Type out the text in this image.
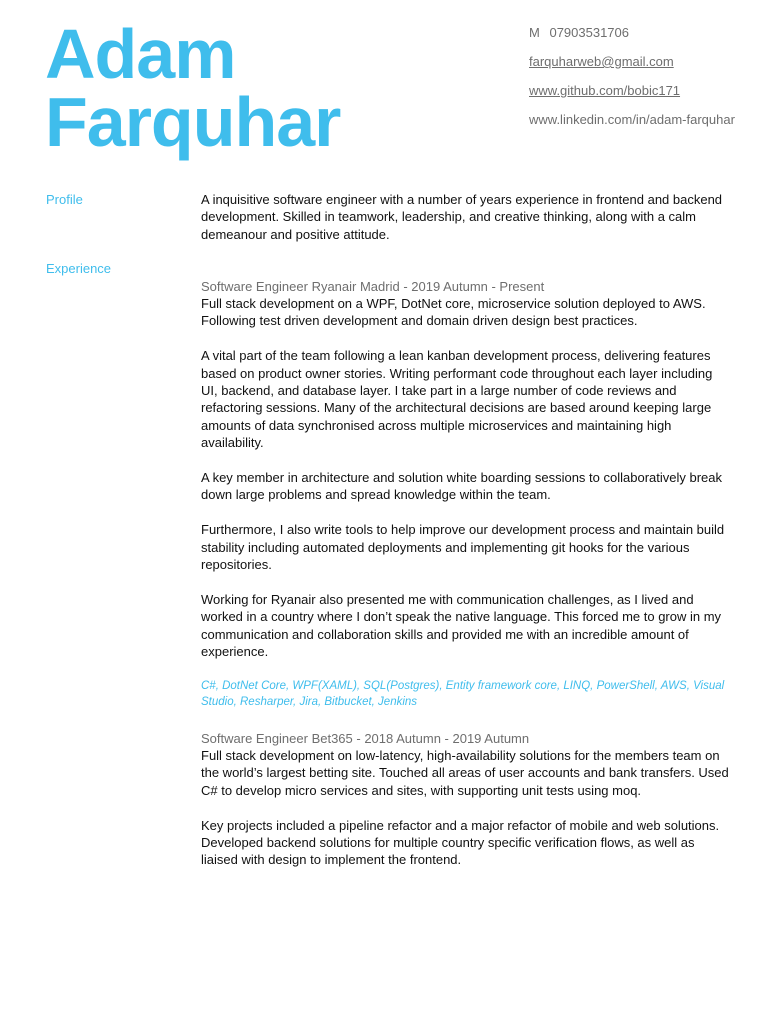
Adam
Farquhar
M 07903531706
farquharweb@gmail.com
www.github.com/bobic171
www.linkedin.com/in/adam-farquhar
Profile	A inquisitive software engineer with a number of years experience in frontend and backend development. Skilled in teamwork, leadership, and creative thinking, along with a calm demeanour and positive attitude.

Experience
Software Engineer Ryanair Madrid - 2019 Autumn - Present

Full stack development on a WPF, DotNet core, microservice solution deployed to AWS. Following test driven development and domain driven design best practices.

A vital part of the team following a lean kanban development process, delivering features based on product owner stories. Writing performant code throughout each layer including UI, backend, and database layer. I take part in a large number of code reviews and refactoring sessions. Many of the architectural decisions are based around keeping large amounts of data synchronised across multiple microservices and maintaining high availability.

A key member in architecture and solution white boarding sessions to collaboratively break down large problems and spread knowledge within the team.

Furthermore, I also write tools to help improve our development process and maintain build stability including automated deployments and implementing git hooks for the various repositories.

Working for Ryanair also presented me with communication challenges, as I lived and worked in a country where I don’t speak the native language. This forced me to grow in my communication and collaboration skills and provided me with an incredible amount of experience.

C#, DotNet Core, WPF(XAML), SQL(Postgres), Entity framework core, LINQ, PowerShell, AWS, Visual Studio, Resharper, Jira, Bitbucket, Jenkins

Software Engineer Bet365 - 2018 Autumn - 2019 Autumn

Full stack development on low-latency, high-availability solutions for the members team on the world’s largest betting site. Touched all areas of user accounts and bank transfers. Used C# to develop micro services and sites, with supporting unit tests using moq.

Key projects included a pipeline refactor and a major refactor of mobile and web solutions. Developed backend solutions for multiple country specific verification flows, as well as liaised with design to implement the frontend.
